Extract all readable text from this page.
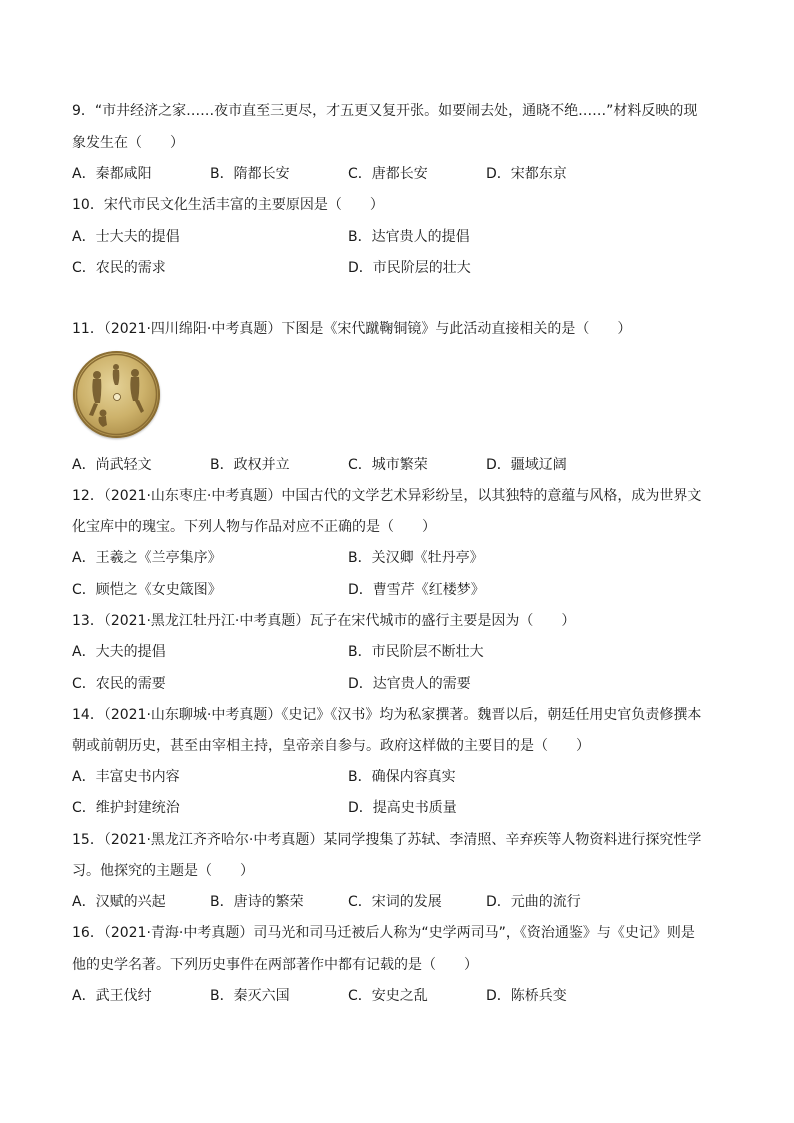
9．“市井经济之家……夜市直至三更尽，才五更又复开张。如要闹去处，通晓不绝……”材料反映的现
象发生在（　　）
A．秦都咸阳	B．隋都长安	C．唐都长安	D．宋都东京
10．宋代市民文化生活丰富的主要原因是（　　）
A．士大夫的提倡	B．达官贵人的提倡
C．农民的需求	D．市民阶层的壮大
11．（2021·四川绵阳·中考真题）下图是《宋代蹴鞠铜镜》与此活动直接相关的是（　　）
A．尚武轻文	B．政权并立	C．城市繁荣	D．疆域辽阔
12．（2021·山东枣庄·中考真题）中国古代的文学艺术异彩纷呈，以其独特的意蕴与风格，成为世界文
化宝库中的瑰宝。下列人物与作品对应不正确的是（　　）
A．王羲之《兰亭集序》	B．关汉卿《牡丹亭》
C．顾恺之《女史箴图》	D．曹雪芹《红楼梦》
13．（2021·黑龙江牡丹江·中考真题）瓦子在宋代城市的盛行主要是因为（　　）
A．大夫的提倡	B．市民阶层不断壮大
C．农民的需要	D．达官贵人的需要
14．（2021·山东聊城·中考真题）《史记》《汉书》均为私家撰著。魏晋以后，朝廷任用史官负责修撰本
朝或前朝历史，甚至由宰相主持，皇帝亲自参与。政府这样做的主要目的是（　　）
A．丰富史书内容	B．确保内容真实
C．维护封建统治	D．提高史书质量
15．（2021·黑龙江齐齐哈尔·中考真题）某同学搜集了苏轼、李清照、辛弃疾等人物资料进行探究性学
习。他探究的主题是（　　）
A．汉赋的兴起	B．唐诗的繁荣	C．宋词的发展	D．元曲的流行
16．（2021·青海·中考真题）司马光和司马迁被后人称为“史学两司马”，《资治通鉴》与《史记》则是
他的史学名著。下列历史事件在两部著作中都有记载的是（　　）
A．武王伐纣	B．秦灭六国	C．安史之乱	D．陈桥兵变
